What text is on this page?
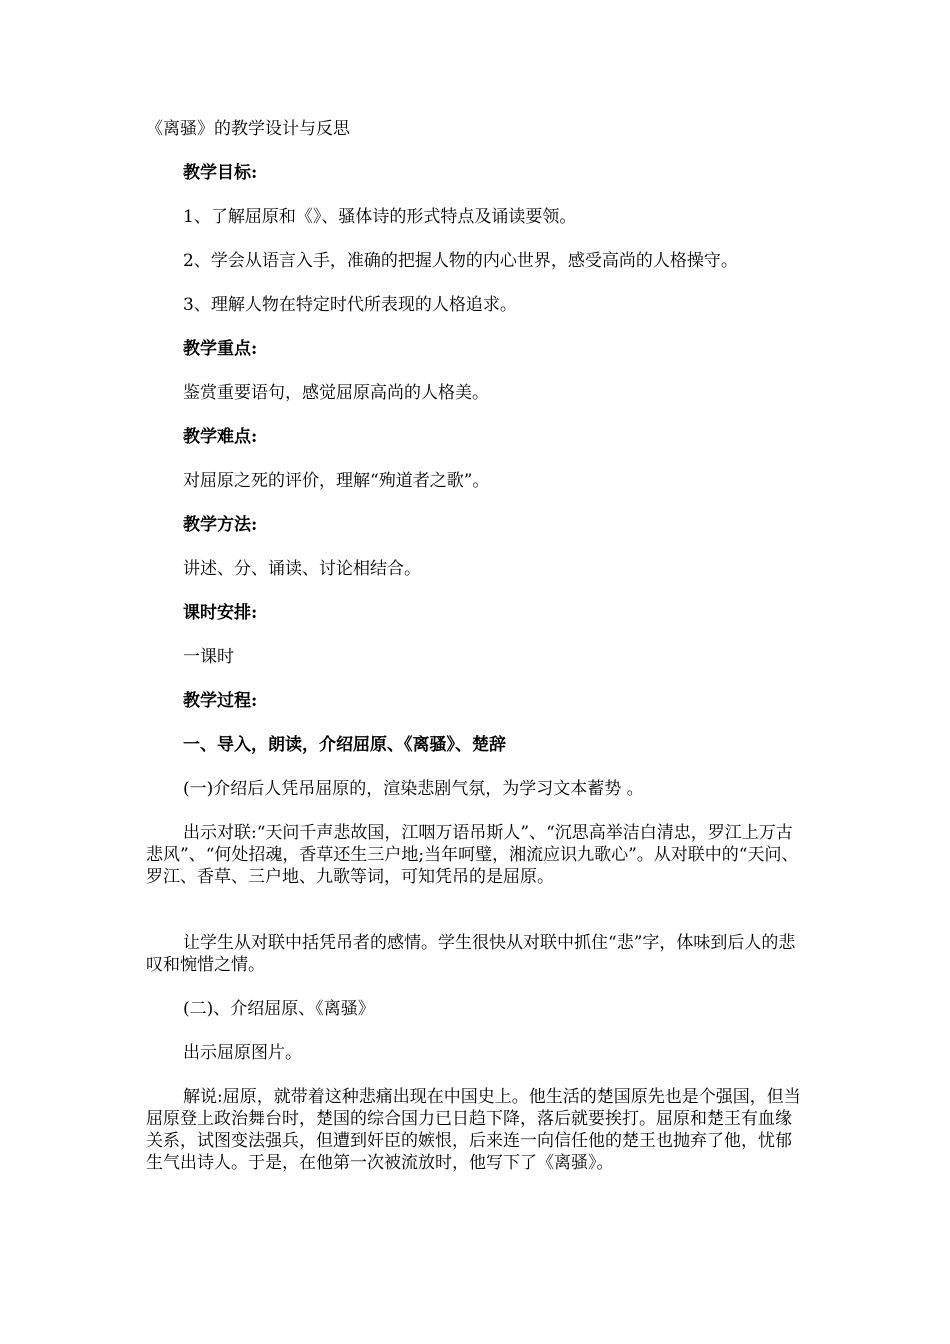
《离骚》的教学设计与反思

教学目标:

1、了解屈原和《》、骚体诗的形式特点及诵读要领。

2、学会从语言入手，准确的把握人物的内心世界，感受高尚的人格操守。

3、理解人物在特定时代所表现的人格追求。

教学重点:

鉴赏重要语句，感觉屈原高尚的人格美。

教学难点:

对屈原之死的评价，理解“殉道者之歌”。

教学方法:

讲述、分、诵读、讨论相结合。

课时安排:

一课时

教学过程:

一、导入，朗读，介绍屈原、《离骚》、楚辞

(一)介绍后人凭吊屈原的，渲染悲剧气氛，为学习文本蓄势 。

出示对联:“天问千声悲故国，江咽万语吊斯人”、“沉思高举洁白清忠，罗江上万古悲风”、“何处招魂，香草还生三户地;当年呵璧，湘流应识九歌心”。从对联中的“天问、罗江、香草、三户地、九歌等词，可知凭吊的是屈原。

让学生从对联中括凭吊者的感情。学生很快从对联中抓住“悲”字，体味到后人的悲叹和惋惜之情。

(二)、介绍屈原、《离骚》

出示屈原图片。

解说:屈原，就带着这种悲痛出现在中国史上。他生活的楚国原先也是个强国，但当屈原登上政治舞台时，楚国的综合国力已日趋下降，落后就要挨打。屈原和楚王有血缘关系，试图变法强兵，但遭到奸臣的嫉恨，后来连一向信任他的楚王也抛弃了他，忧郁生气出诗人。于是，在他第一次被流放时，他写下了《离骚》。
